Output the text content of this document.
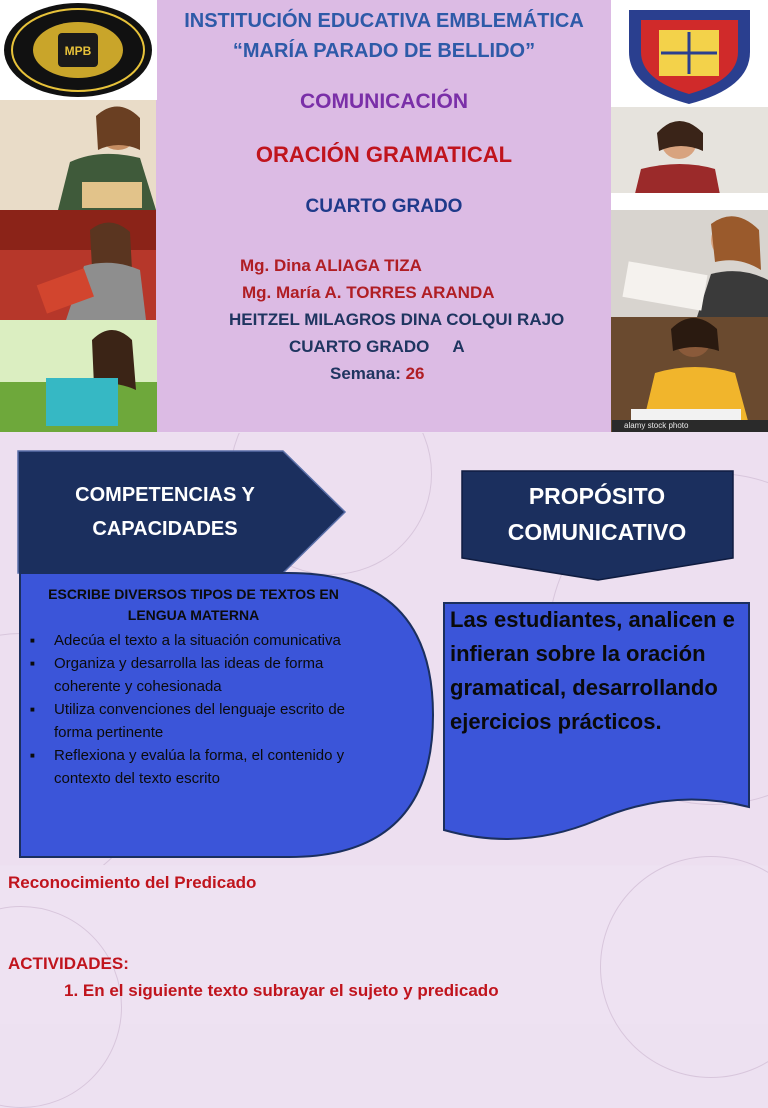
MPB
alamy stock photo
INSTITUCIÓN EDUCATIVA EMBLEMÁTICA
“MARÍA PARADO DE BELLIDO”
COMUNICACIÓN
ORACIÓN GRAMATICAL
CUARTO GRADO
Mg. Dina ALIAGA TIZA
Mg. María A. TORRES ARANDA
HEITZEL MILAGROS DINA COLQUI RAJO
CUARTO GRADO     A
Semana: 26
COMPETENCIAS Y
CAPACIDADES
PROPÓSITO
COMUNICATIVO
ESCRIBE DIVERSOS TIPOS DE TEXTOS EN LENGUA MATERNA
■ Adecúa el texto a la situación comunicativa
■ Organiza y desarrolla las ideas de forma coherente y cohesionada
■ Utiliza convenciones del lenguaje escrito de forma pertinente
■ Reflexiona y evalúa la forma, el contenido y contexto del texto escrito
Las estudiantes, analicen e infieran sobre la oración gramatical, desarrollando ejercicios prácticos.
Reconocimiento del Predicado
ACTIVIDADES:
1. En el siguiente texto subrayar el sujeto y predicado
